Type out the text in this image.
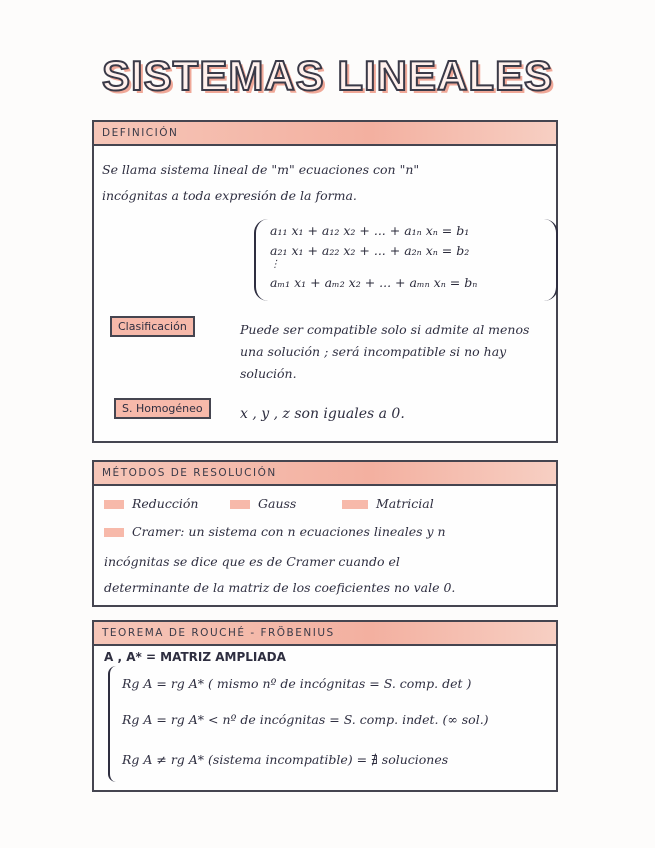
SISTEMAS LINEALES
DEFINICIÓN

Se llama sistema lineal de "m" ecuaciones con "n"

incógnitas a toda expresión de la forma.

a₁₁ x₁ + a₁₂ x₂ + ... + a₁ₙ xₙ = b₁
a₂₁ x₁ + a₂₂ x₂ + ... + a₂ₙ xₙ = b₂
⋮
aₘ₁ x₁ + aₘ₂ x₂ + ... + aₘₙ xₙ = bₙ
Clasificación	Puede ser compatible solo si admite al menos

una solución ; será incompatible si no hay

solución.

S. Homogéneo	x , y , z son iguales a 0.

MÉTODOS DE RESOLUCIÓN
Reducción	Gauss	Matricial
Cramer: un sistema con n ecuaciones lineales y n

incógnitas se dice que es de Cramer cuando el

determinante de la matriz de los coeficientes no vale 0.

TEOREMA DE ROUCHÉ - FRÖBENIUS
A , A* = MATRIZ AMPLIADA
Rg A = rg A* ( mismo nº de incógnitas = S. comp. det )
Rg A = rg A* < nº de incógnitas = S. comp. indet. (∞ sol.)
Rg A ≠ rg A* (sistema incompatible) = ∄ soluciones
